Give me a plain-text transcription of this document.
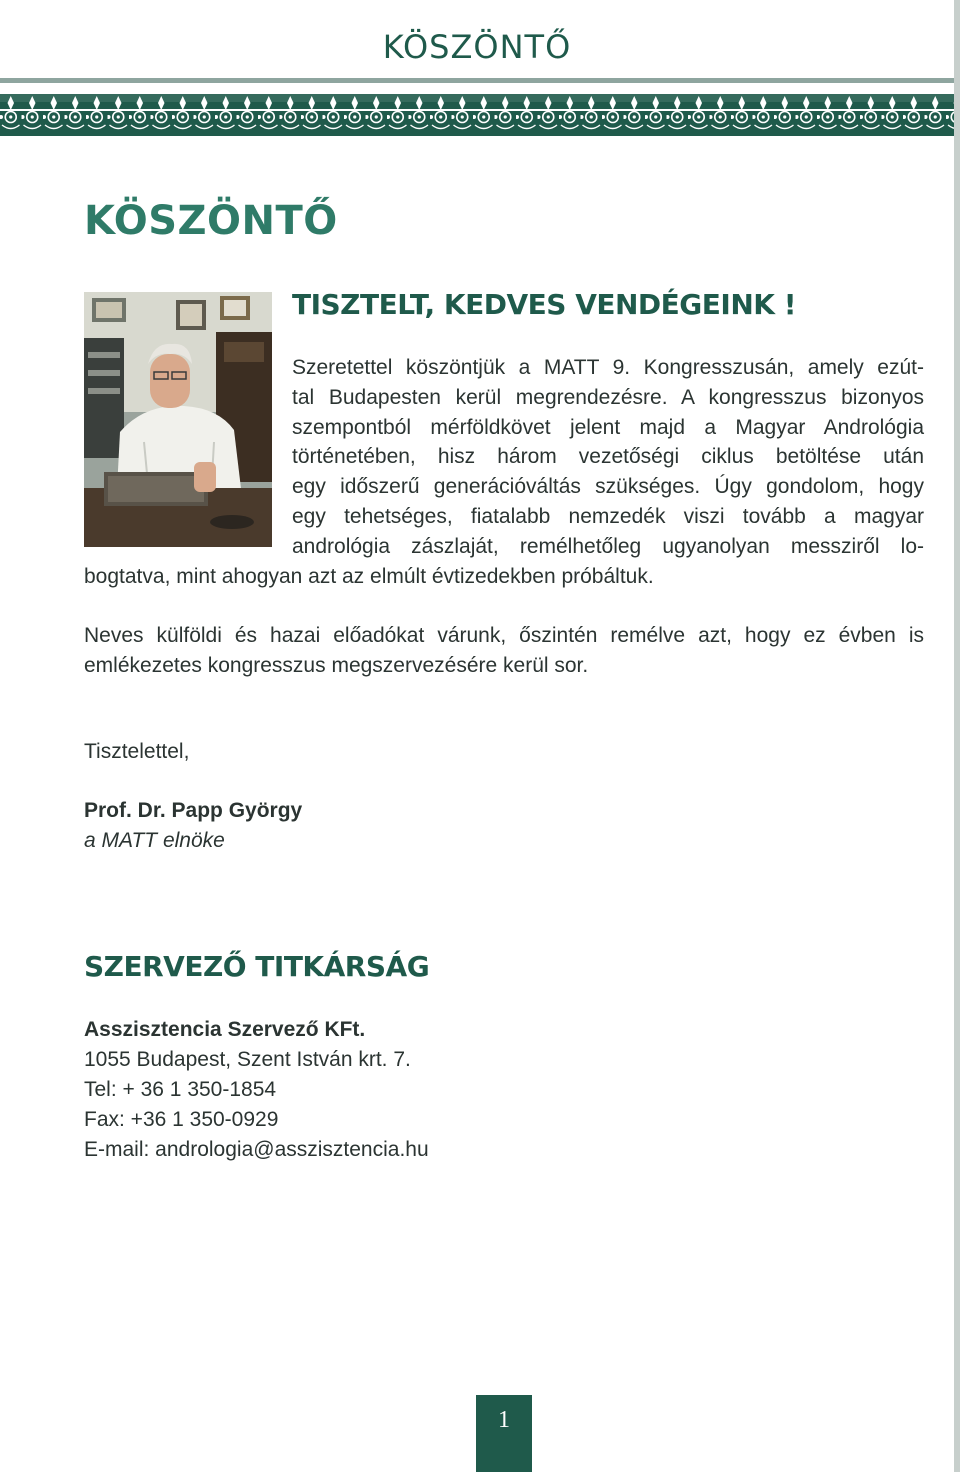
KÖSZÖNTŐ
KÖSZÖNTŐ
TISZTELT, KEDVES VENDÉGEINK !
Szeretettel köszöntjük a MATT 9. Kongresszusán, amely ezút-
tal Budapesten kerül megrendezésre. A kongresszus bizonyos
szempontból mérföldkövet jelent majd a Magyar Andrológia
történetében, hisz három vezetőségi ciklus betöltése után
egy időszerű generációváltás szükséges. Úgy gondolom, hogy
egy tehetséges, fiatalabb nemzedék viszi tovább a magyar
andrológia zászlaját, remélhetőleg ugyanolyan messziről lo-

bogtatva, mint ahogyan azt az elmúlt évtizedekben próbáltuk.

Neves külföldi és hazai előadókat várunk, őszintén remélve azt, hogy ez évben is emlékezetes kongresszus megszervezésére kerül sor.

Tisztelettel,

Prof. Dr. Papp György

a MATT elnöke

SZERVEZŐ TITKÁRSÁG
Asszisztencia Szervező KFt.
1055 Budapest, Szent István krt. 7.
Tel: + 36 1 350-1854
Fax: +36 1 350-0929
E-mail: andrologia@asszisztencia.hu
1
